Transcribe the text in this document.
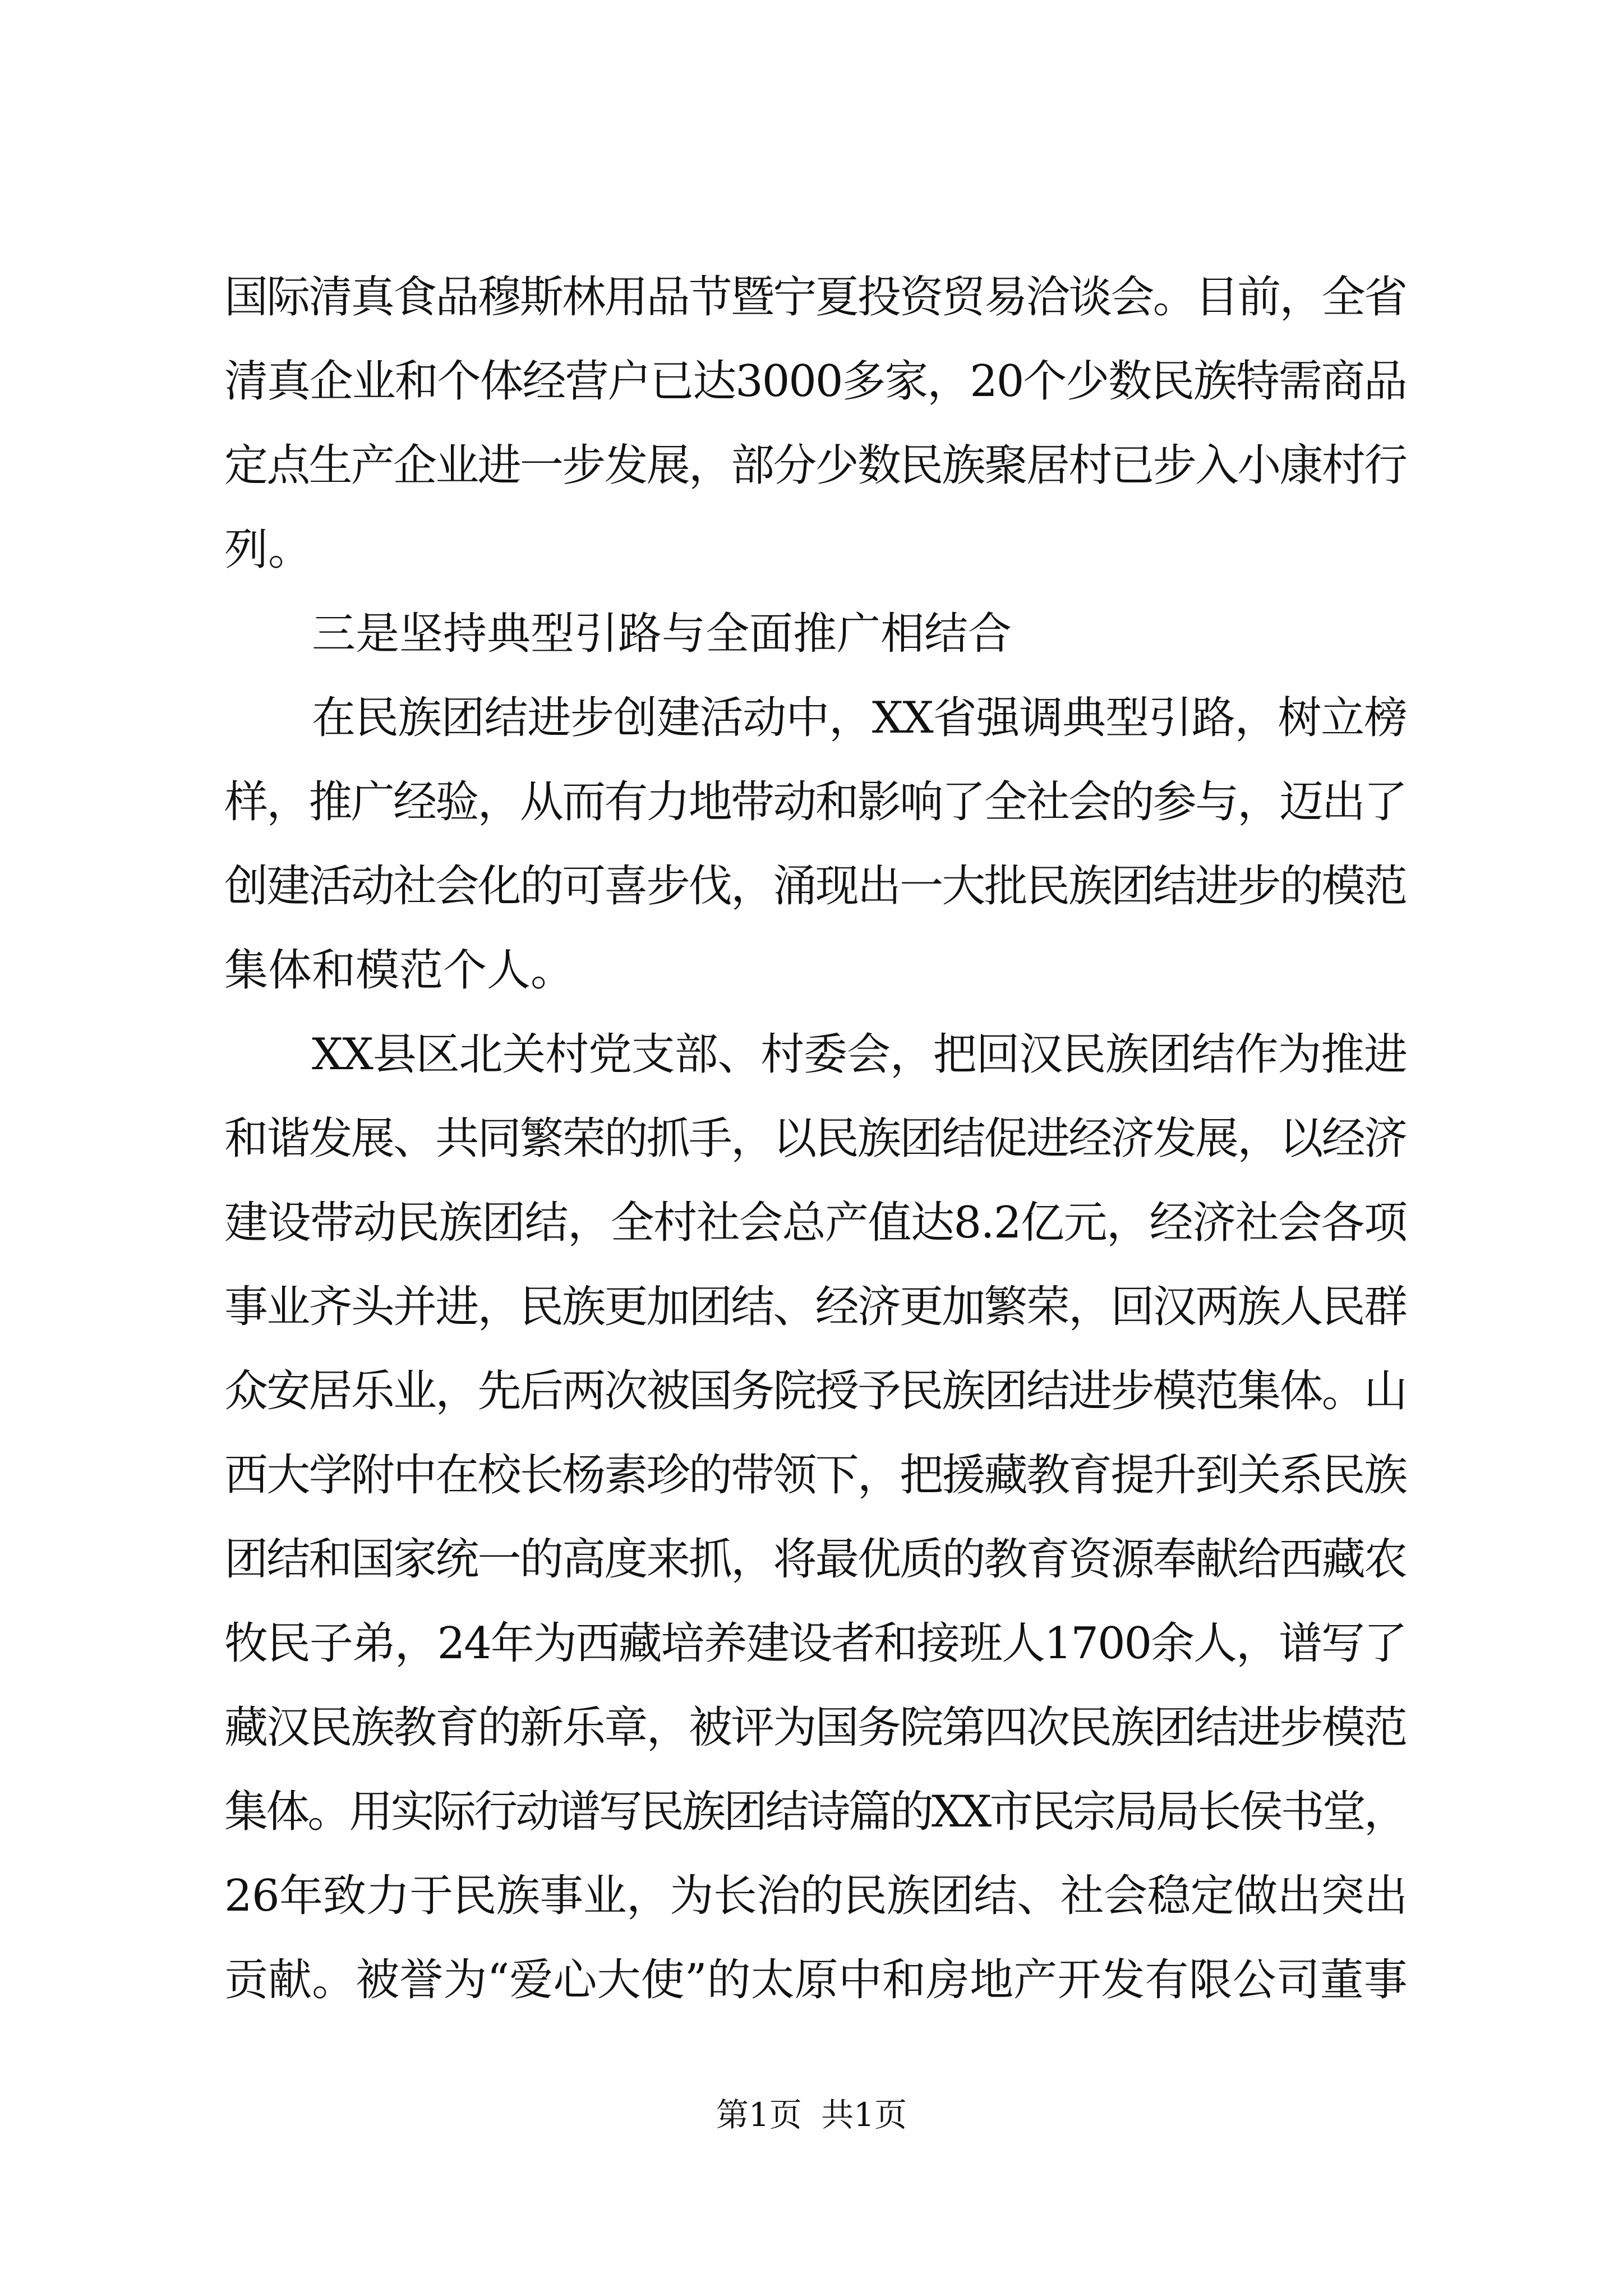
国际清真食品穆斯林用品节暨宁夏投资贸易洽谈会。目前，全省
清真企业和个体经营户已达3000多家，20个少数民族特需商品
定点生产企业进一步发展，部分少数民族聚居村已步入小康村行
列。
三是坚持典型引路与全面推广相结合
在民族团结进步创建活动中，XX省强调典型引路，树立榜
样，推广经验，从而有力地带动和影响了全社会的参与，迈出了
创建活动社会化的可喜步伐，涌现出一大批民族团结进步的模范
集体和模范个人。
XX县区北关村党支部、村委会，把回汉民族团结作为推进
和谐发展、共同繁荣的抓手，以民族团结促进经济发展，以经济
建设带动民族团结，全村社会总产值达8.2亿元，经济社会各项
事业齐头并进，民族更加团结、经济更加繁荣，回汉两族人民群
众安居乐业，先后两次被国务院授予民族团结进步模范集体。山
西大学附中在校长杨素珍的带领下，把援藏教育提升到关系民族
团结和国家统一的高度来抓，将最优质的教育资源奉献给西藏农
牧民子弟，24年为西藏培养建设者和接班人1700余人，谱写了
藏汉民族教育的新乐章，被评为国务院第四次民族团结进步模范
集体。用实际行动谱写民族团结诗篇的XX市民宗局局长侯书堂，
26年致力于民族事业，为长治的民族团结、社会稳定做出突出
贡献。被誉为“爱心大使”的太原中和房地产开发有限公司董事
第1页 共1页
